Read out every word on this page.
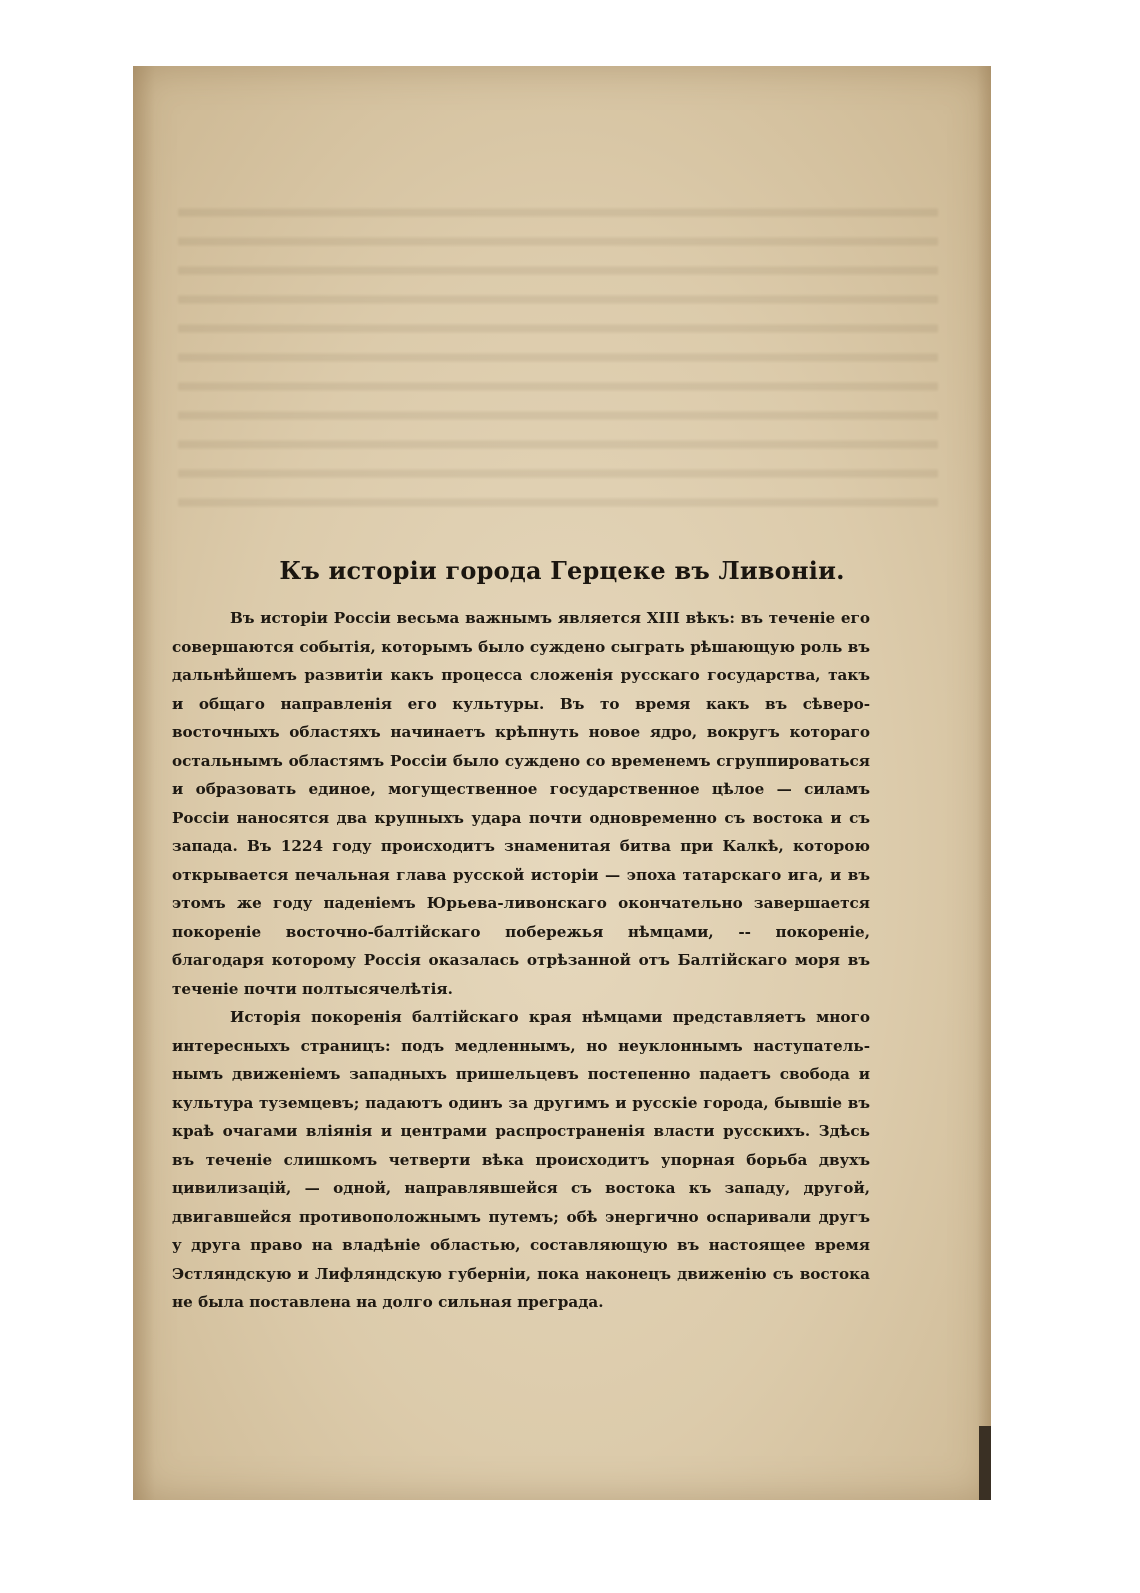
Къ исторіи города Герцеке въ Ливоніи.

Въ исторіи Россіи весьма важнымъ является XIII вѣкъ: въ теченіе его совершаются событія, которымъ было суждено сыграть рѣшающую роль въ дальнѣйшемъ развитіи какъ процесса сложенія русскаго государства, такъ и общаго направленія его культуры. Въ то время какъ въ сѣверо-восточныхъ областяхъ начинаетъ крѣпнуть новое ядро, вокругъ котораго остальнымъ областямъ Россіи было суждено со временемъ сгруппироваться и образовать единое, могущественное государственное цѣлое — силамъ Россіи наносятся два крупныхъ удара почти одновременно съ востока и съ запада. Въ 1224 году происходитъ знаменитая битва при Калкѣ, которою открывается печальная глава русской исторіи — эпоха татарскаго ига, и въ этомъ же году паденіемъ Юрьева-ливонскаго окончательно завершается покореніе восточно-балтійскаго побережья нѣмцами, -- покореніе, благодаря которому Россія оказалась отрѣзанной отъ Балтійскаго моря въ теченіе почти полтысячелѣтія.

Исторія покоренія балтійскаго края нѣмцами представляетъ много интересныхъ страницъ: подъ медленнымъ, но неуклоннымъ наступательнымъ движеніемъ западныхъ пришельцевъ постепенно падаетъ свобода и культура туземцевъ; падаютъ одинъ за другимъ и русскіе города, бывшіе въ краѣ очагами вліянія и центрами распространенія власти русскихъ. Здѣсь въ теченіе слишкомъ четверти вѣка происходитъ упорная борьба двухъ цивилизацій, — одной, направлявшейся съ востока къ западу, другой, двигавшейся противоположнымъ путемъ; обѣ энергично оспаривали другъ у друга право на владѣніе областью, составляющую въ настоящее время Эстляндскую и Лифляндскую губерніи, пока наконецъ движенію съ востока не была поставлена на долго сильная преграда.
